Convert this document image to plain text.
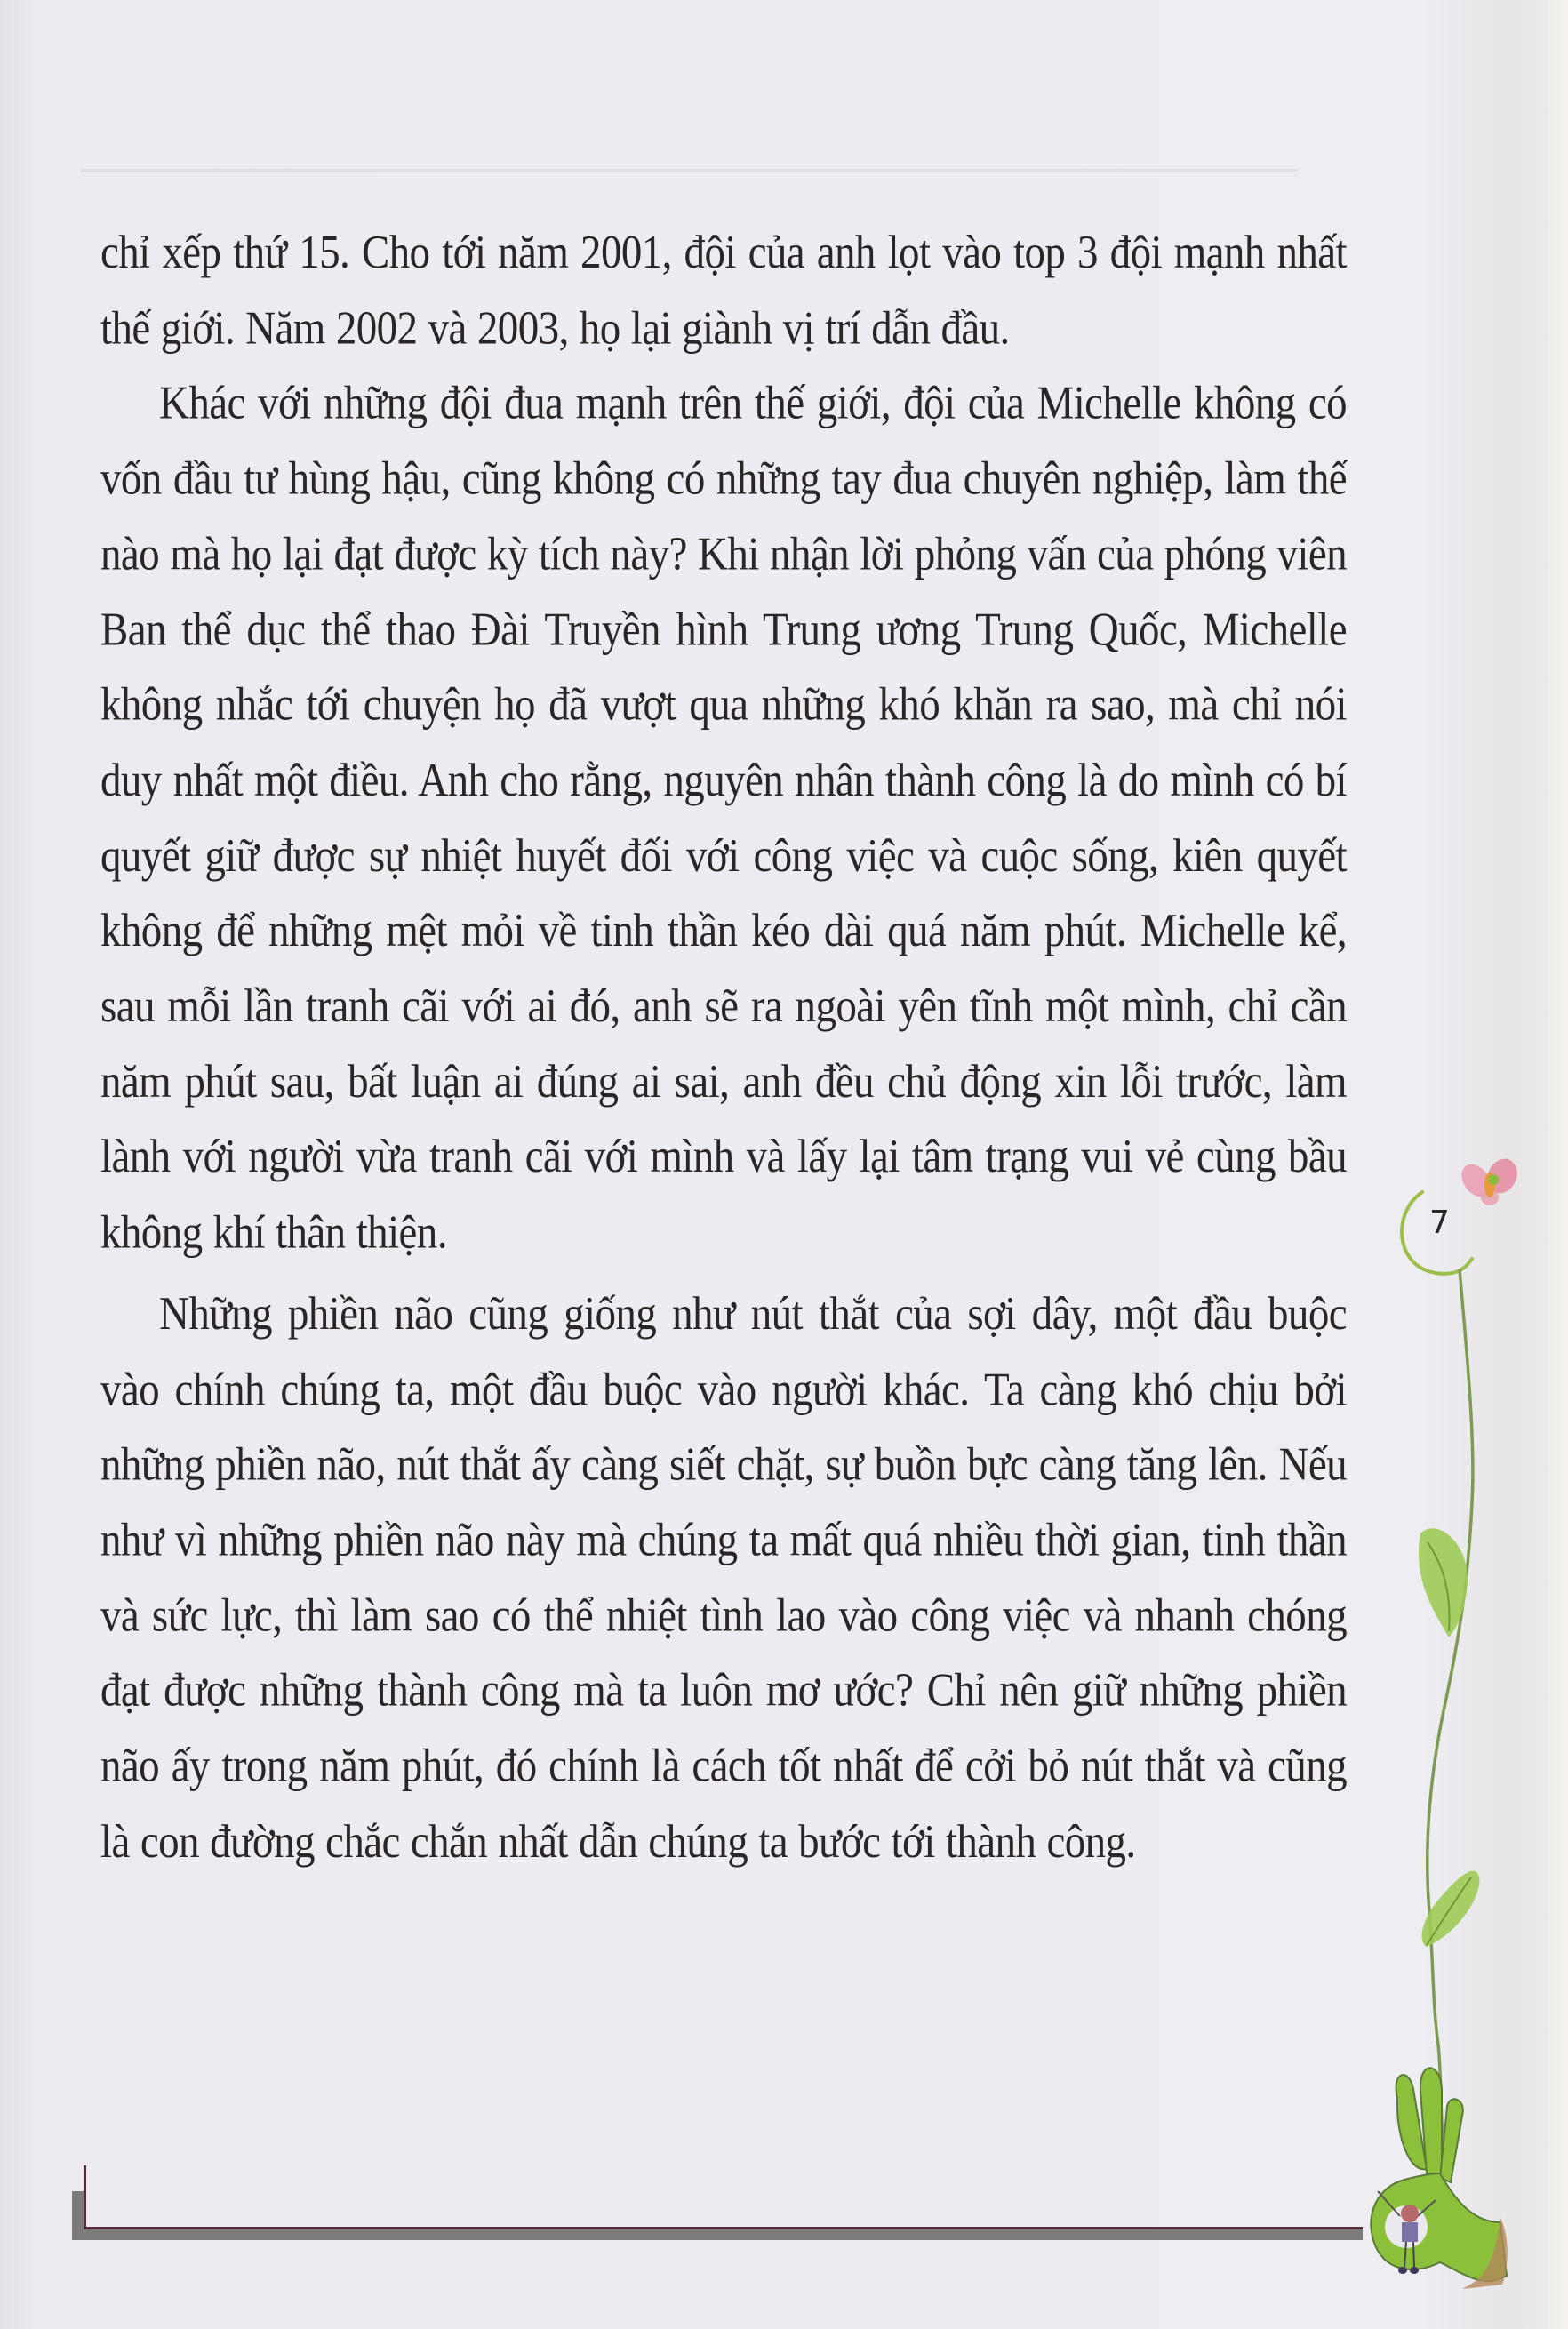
chỉ xếp thứ 15. Cho tới năm 2001, đội của anh lọt vào top 3 đội mạnh nhất thế giới. Năm 2002 và 2003, họ lại giành vị trí dẫn đầu.

Khác với những đội đua mạnh trên thế giới, đội của Michelle không có vốn đầu tư hùng hậu, cũng không có những tay đua chuyên nghiệp, làm thế nào mà họ lại đạt được kỳ tích này? Khi nhận lời phỏng vấn của phóng viên Ban thể dục thể thao Đài Truyền hình Trung ương Trung Quốc, Michelle không nhắc tới chuyện họ đã vượt qua những khó khăn ra sao, mà chỉ nói duy nhất một điều. Anh cho rằng, nguyên nhân thành công là do mình có bí quyết giữ được sự nhiệt huyết đối với công việc và cuộc sống, kiên quyết không để những mệt mỏi về tinh thần kéo dài quá năm phút. Michelle kể, sau mỗi lần tranh cãi với ai đó, anh sẽ ra ngoài yên tĩnh một mình, chỉ cần năm phút sau, bất luận ai đúng ai sai, anh đều chủ động xin lỗi trước, làm lành với người vừa tranh cãi với mình và lấy lại tâm trạng vui vẻ cùng bầu không khí thân thiện.

Những phiền não cũng giống như nút thắt của sợi dây, một đầu buộc vào chính chúng ta, một đầu buộc vào người khác. Ta càng khó chịu bởi những phiền não, nút thắt ấy càng siết chặt, sự buồn bực càng tăng lên. Nếu như vì những phiền não này mà chúng ta mất quá nhiều thời gian, tinh thần và sức lực, thì làm sao có thể nhiệt tình lao vào công việc và nhanh chóng đạt được những thành công mà ta luôn mơ ước? Chỉ nên giữ những phiền não ấy trong năm phút, đó chính là cách tốt nhất để cởi bỏ nút thắt và cũng là con đường chắc chắn nhất dẫn chúng ta bước tới thành công.

7
